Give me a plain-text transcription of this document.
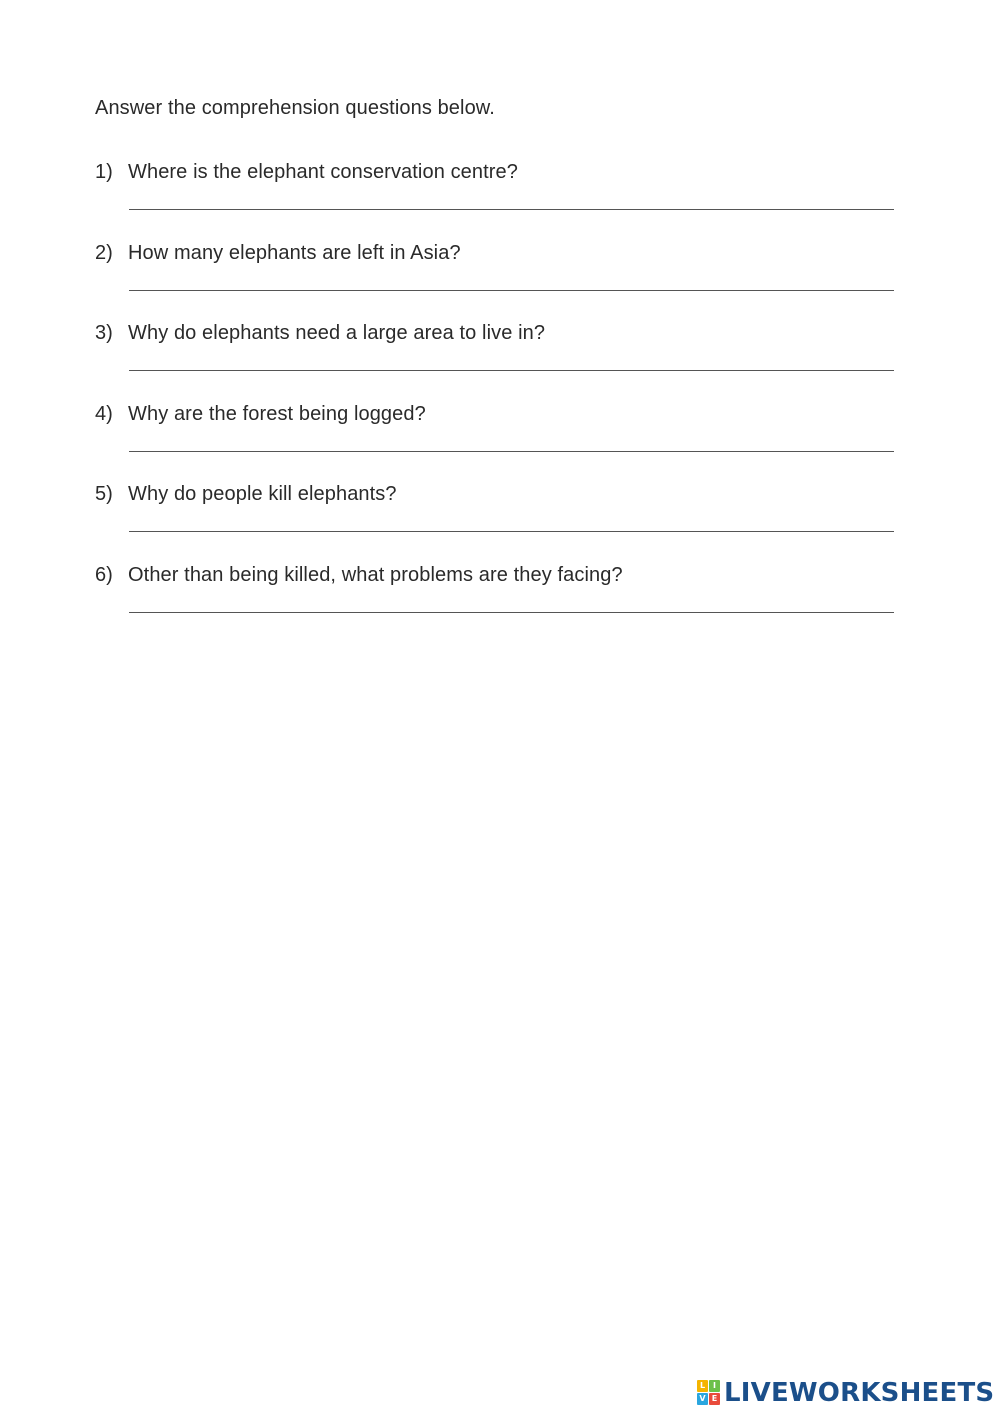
Answer the comprehension questions below.
1) Where is the elephant conservation centre?
2) How many elephants are left in Asia?
3) Why do elephants need a large area to live in?
4) Why are the forest being logged?
5) Why do people kill elephants?
6) Other than being killed, what problems are they facing?
L I
V E LIVEWORKSHEETS
